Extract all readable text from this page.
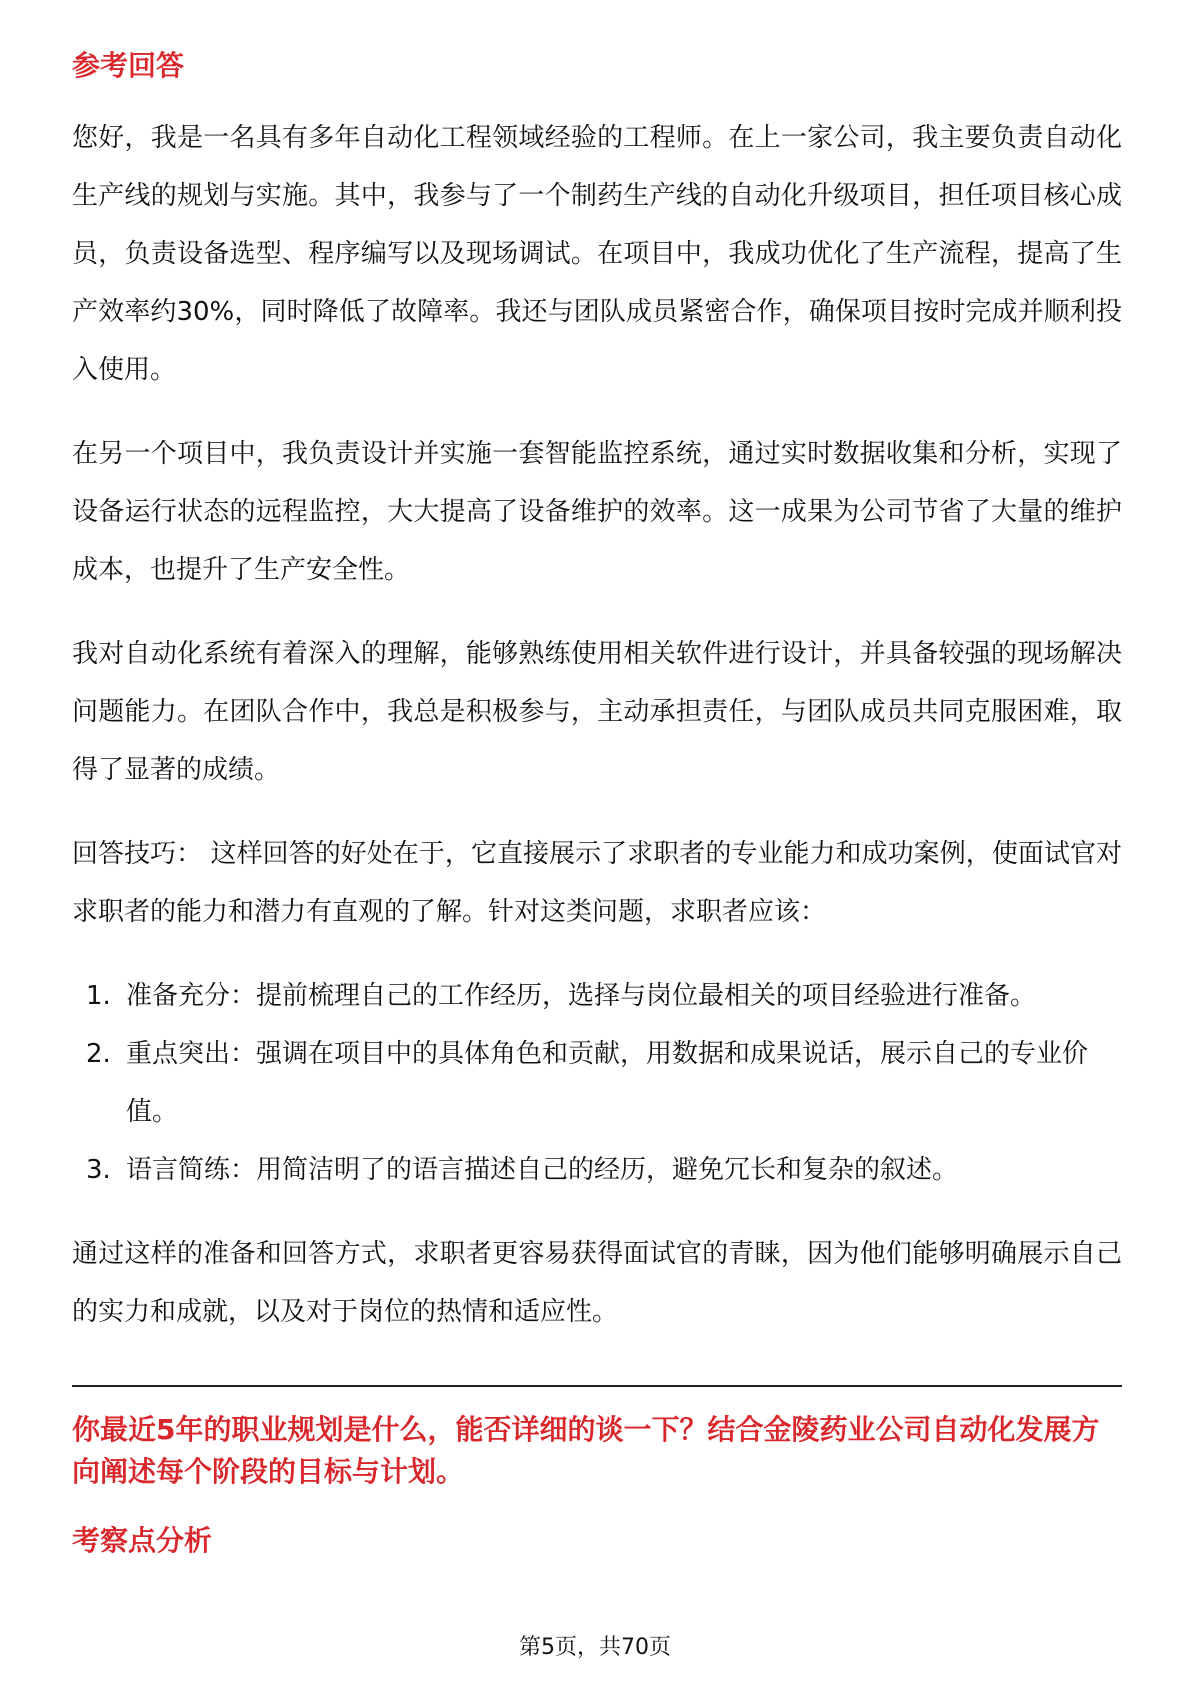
参考回答

您好，我是一名具有多年自动化工程领域经验的工程师。在上一家公司，我主要负责自动化生产线的规划与实施。其中，我参与了一个制药生产线的自动化升级项目，担任项目核心成员，负责设备选型、程序编写以及现场调试。在项目中，我成功优化了生产流程，提高了生产效率约30%，同时降低了故障率。我还与团队成员紧密合作，确保项目按时完成并顺利投入使用。

在另一个项目中，我负责设计并实施一套智能监控系统，通过实时数据收集和分析，实现了设备运行状态的远程监控，大大提高了设备维护的效率。这一成果为公司节省了大量的维护成本，也提升了生产安全性。

我对自动化系统有着深入的理解，能够熟练使用相关软件进行设计，并具备较强的现场解决问题能力。在团队合作中，我总是积极参与，主动承担责任，与团队成员共同克服困难，取得了显著的成绩。

回答技巧： 这样回答的好处在于，它直接展示了求职者的专业能力和成功案例，使面试官对求职者的能力和潜力有直观的了解。针对这类问题，求职者应该：

1. 准备充分：提前梳理自己的工作经历，选择与岗位最相关的项目经验进行准备。
2. 重点突出：强调在项目中的具体角色和贡献，用数据和成果说话，展示自己的专业价值。
3. 语言简练：用简洁明了的语言描述自己的经历，避免冗长和复杂的叙述。

通过这样的准备和回答方式，求职者更容易获得面试官的青睐，因为他们能够明确展示自己的实力和成就，以及对于岗位的热情和适应性。

你最近5年的职业规划是什么，能否详细的谈一下？结合金陵药业公司自动化发展方向阐述每个阶段的目标与计划。

考察点分析
第5页，共70页
